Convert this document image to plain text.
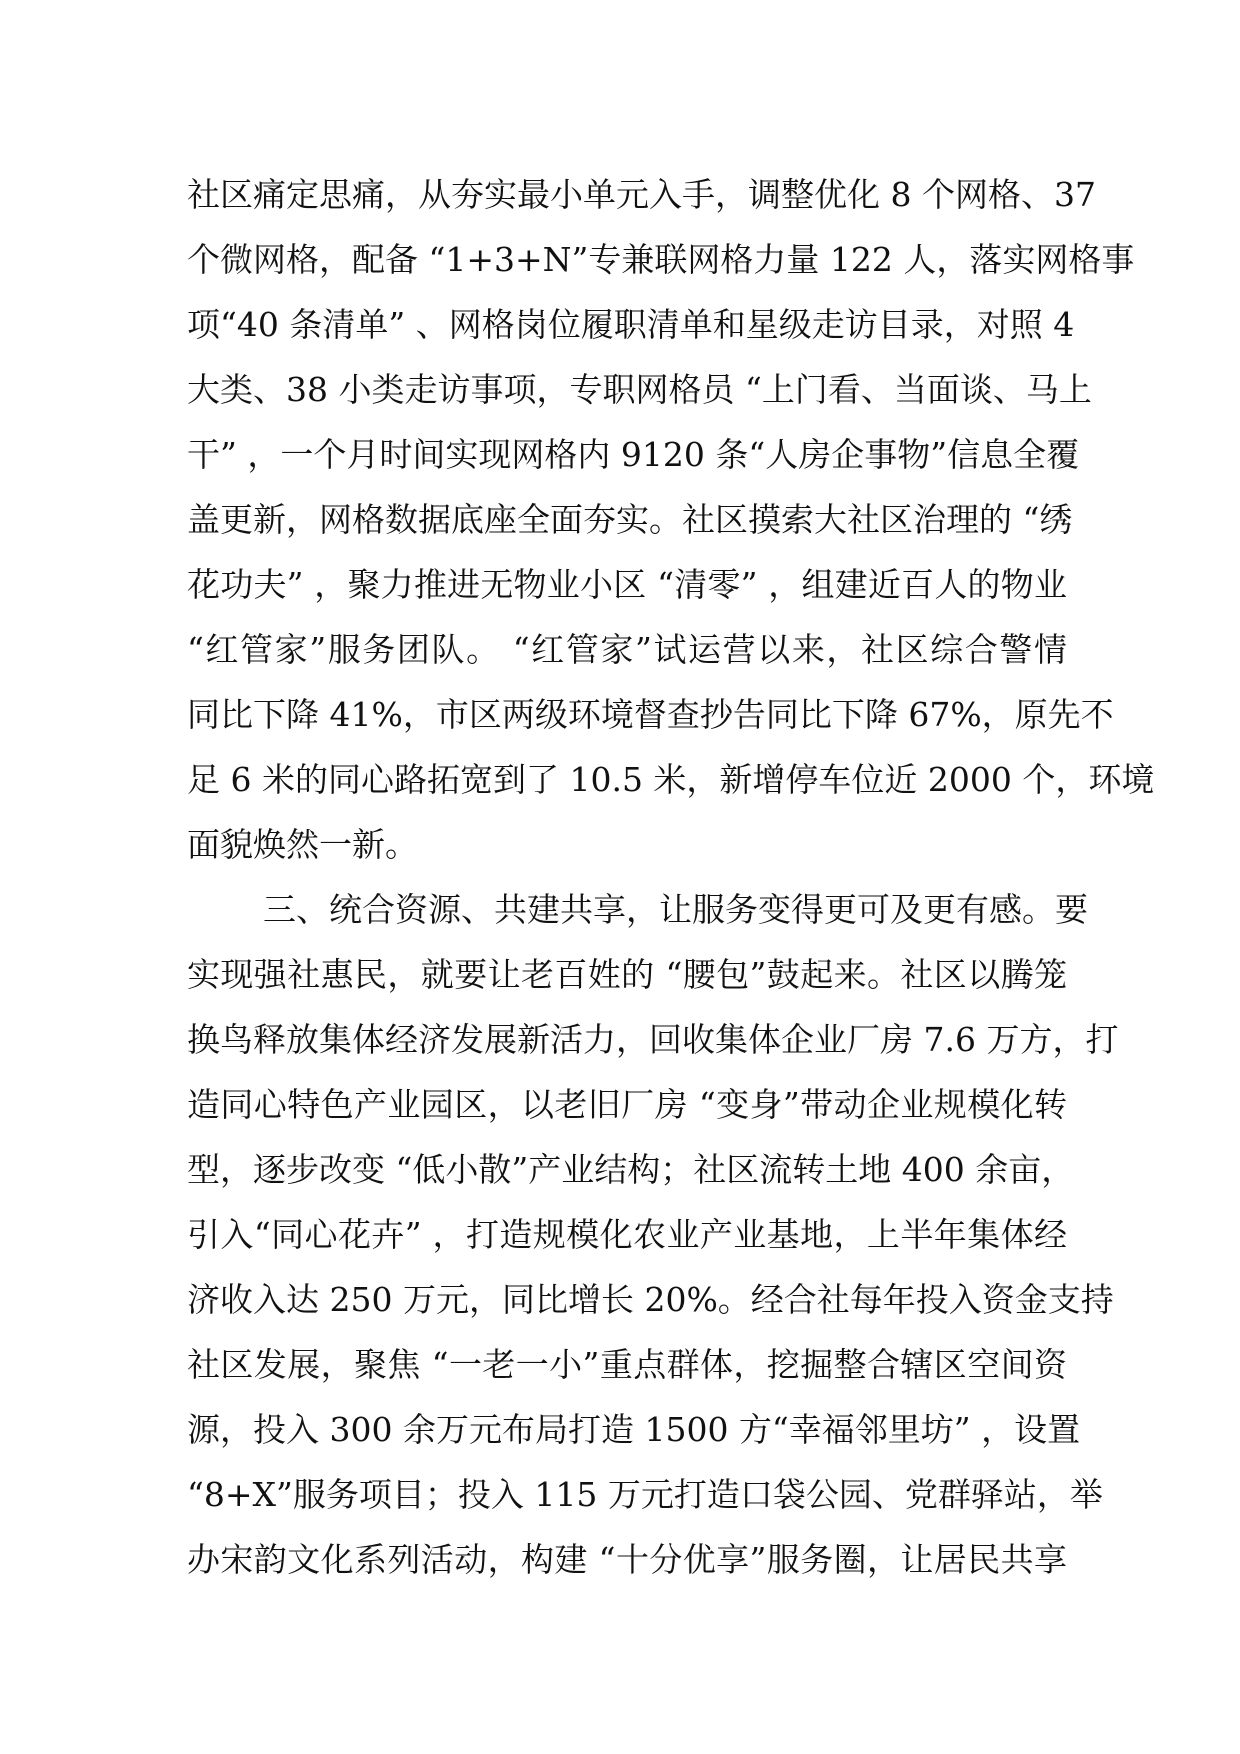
社区痛定思痛，从夯实最小单元入手，调整优化 8 个网格、37
个微网格，配备 “1+3+N”专兼联网格力量 122 人，落实网格事
项“40 条清单” 、网格岗位履职清单和星级走访目录，对照 4
大类、38 小类走访事项，专职网格员 “上门看、当面谈、马上
干” ，一个月时间实现网格内 9120 条“人房企事物”信息全覆
盖更新，网格数据底座全面夯实。社区摸索大社区治理的 “绣
花功夫” ，聚力推进无物业小区 “清零” ，组建近百人的物业
“红管家”服务团队。 “红管家”试运营以来，社区综合警情
同比下降 41%，市区两级环境督查抄告同比下降 67%，原先不
足 6 米的同心路拓宽到了 10.5 米，新增停车位近 2000 个，环境
面貌焕然一新。
三、统合资源、共建共享，让服务变得更可及更有感。要
实现强社惠民，就要让老百姓的 “腰包”鼓起来。社区以腾笼
换鸟释放集体经济发展新活力，回收集体企业厂房 7.6 万方，打
造同心特色产业园区，以老旧厂房 “变身”带动企业规模化转
型，逐步改变 “低小散”产业结构；社区流转土地 400 余亩，
引入“同心花卉” ，打造规模化农业产业基地，上半年集体经
济收入达 250 万元，同比增长 20%。经合社每年投入资金支持
社区发展，聚焦 “一老一小”重点群体，挖掘整合辖区空间资
源，投入 300 余万元布局打造 1500 方“幸福邻里坊” ，设置
“8+X”服务项目；投入 115 万元打造口袋公园、党群驿站，举
办宋韵文化系列活动，构建 “十分优享”服务圈，让居民共享
